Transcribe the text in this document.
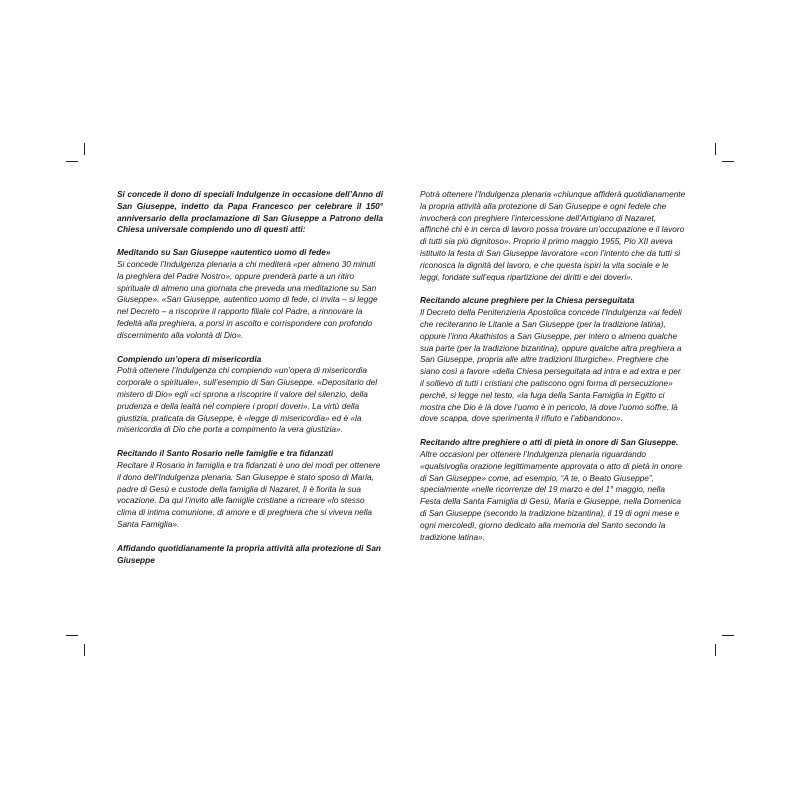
Si concede il dono di speciali Indulgenze in occasione dell’Anno di San Giuseppe, indetto da Papa Francesco per celebrare il 150° anniversario della proclamazione di San Giuseppe a Patrono della Chiesa universale compiendo uno di questi atti:

Meditando su San Giuseppe «autentico uomo di fede»

Si concede l’Indulgenza plenaria a chi mediterà «per almeno 30 minuti la preghiera del Padre Nostro», oppure prenderà parte a un ritiro spirituale di almeno una giornata che preveda una meditazione su San Giuseppe». «San Giuseppe, autentico uomo di fede, ci invita – si legge nel Decreto – a riscoprire il rapporto filiale col Padre, a rinnovare la fedeltà alla preghiera, a porsi in ascolto e corrispondere con profondo discernimento alla volontà di Dio».

Compiendo un’opera di misericordia

Potrà ottenere l’Indulgenza chi compiendo «un’opera di misericordia corporale o spirituale», sull’esempio di San Giuseppe. «Depositario del mistero di Dio» egli «ci sprona a riscoprire il valore del silenzio, della prudenza e della lealtà nel compiere i propri doveri». La virtù della giustizia, praticata da Giuseppe, è «legge di misericordia» ed è «la misericordia di Dio che porta a compimento la vera giustizia».

Recitando il Santo Rosario nelle famiglie e tra fidanzati

Recitare il Rosario in famiglia e tra fidanzati è uno dei modi per ottenere il dono dell’Indulgenza plenaria. San Giuseppe è stato sposo di Maria, padre di Gesù e custode della famiglia di Nazaret, lì è fiorita la sua vocazione. Da qui l’invito alle famiglie cristiane a ricreare «lo stesso clima di intima comunione, di amore e di preghiera che si viveva nella Santa Famiglia».

Affidando quotidianamente la propria attività alla protezione di San Giuseppe

Potrà ottenere l’Indulgenza plenaria «chiunque affiderà quotidianamente la propria attività alla protezione di San Giuseppe e ogni fedele che invocherà con preghiere l’intercessione dell’Artigiano di Nazaret, affinché chi è in cerca di lavoro possa trovare un’occupazione e il lavoro di tutti sia più dignitoso». Proprio il primo maggio 1955, Pio XII aveva istituito la festa di San Giuseppe lavoratore «con l’intento che da tutti si riconosca la dignità del lavoro, e che questa ispiri la vita sociale e le leggi, fondate sull’equa ripartizione dei diritti e dei doveri».

Recitando alcune preghiere per la Chiesa perseguitata

Il Decreto della Penitenzieria Apostolica concede l’Indulgenza «ai fedeli che reciteranno le Litanie a San Giuseppe (per la tradizione latina), oppure l’inno Akathistos a San Giuseppe, per intero o almeno qualche sua parte (per la tradizione bizantina), oppure qualche altra preghiera a San Giuseppe, propria alle altre tradizioni liturgiche». Preghiere che siano così a favore «della Chiesa perseguitata ad intra e ad extra e per il sollievo di tutti i cristiani che patiscono ogni forma di persecuzione» perché, si legge nel testo, «la fuga della Santa Famiglia in Egitto ci mostra che Dio è là dove l’uomo è in pericolo, là dove l’uomo soffre, là dove scappa, dove sperimenta il rifiuto e l’abbandono».

Recitando altre preghiere o atti di pietà in onore di San Giuseppe.

Altre occasioni per ottenere l’Indulgenza plenaria riguardando «qualsivoglia orazione legittimamente approvata o atto di pietà in onore di San Giuseppe» come, ad esempio, “A te, o Beato Giuseppe”, specialmente «nelle ricorrenze del 19 marzo e del 1° maggio, nella Festa della Santa Famiglia di Gesù, Maria e Giuseppe, nella Domenica di San Giuseppe (secondo la tradizione bizantina), il 19 di ogni mese e ogni mercoledì, giorno dedicato alla memoria del Santo secondo la tradizione latina».
